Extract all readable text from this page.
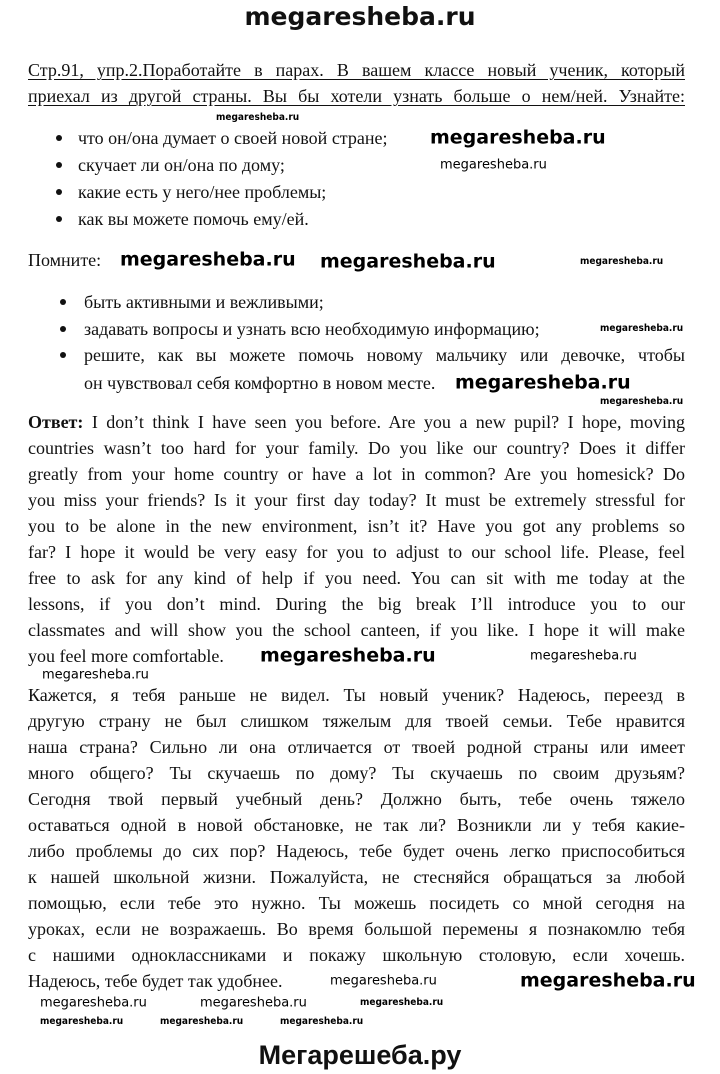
megaresheba.ru
Стр.91, упр.2.Поработайте в парах. В вашем классе новый ученик, который
приехал из другой страны. Вы бы хотели узнать больше о нем/ней. Узнайте:
что он/она думает о своей новой стране;
скучает ли он/она по дому;
какие есть у него/нее проблемы;
как вы можете помочь ему/ей.
Помните:
быть активными и вежливыми;
задавать вопросы и узнать всю необходимую информацию;
решите, как вы можете помочь новому мальчику или девочке, чтобы
он чувствовал себя комфортно в новом месте.
Ответ: I don’t think I have seen you before. Are you a new pupil? I hope, moving
countries wasn’t too hard for your family. Do you like our country? Does it differ
greatly from your home country or have a lot in common? Are you homesick? Do
you miss your friends? Is it your first day today? It must be extremely stressful for
you to be alone in the new environment, isn’t it? Have you got any problems so
far? I hope it would be very easy for you to adjust to our school life. Please, feel
free to ask for any kind of help if you need. You can sit with me today at the
lessons, if you don’t mind. During the big break I’ll introduce you to our
classmates and will show you the school canteen, if you like. I hope it will make
you feel more comfortable.
Кажется, я тебя раньше не видел. Ты новый ученик? Надеюсь, переезд в
другую страну не был слишком тяжелым для твоей семьи. Тебе нравится
наша страна? Сильно ли она отличается от твоей родной страны или имеет
много общего? Ты скучаешь по дому? Ты скучаешь по своим друзьям?
Сегодня твой первый учебный день? Должно быть, тебе очень тяжело
оставаться одной в новой обстановке, не так ли? Возникли ли у тебя какие-
либо проблемы до сих пор? Надеюсь, тебе будет очень легко приспособиться
к нашей школьной жизни. Пожалуйста, не стесняйся обращаться за любой
помощью, если тебе это нужно. Ты можешь посидеть со мной сегодня на
уроках, если не возражаешь. Во время большой перемены я познакомлю тебя
с нашими одноклассниками и покажу школьную столовую, если хочешь.
Надеюсь, тебе будет так удобнее.
megaresheba.ru
megaresheba.ru
megaresheba.ru
megaresheba.ru megaresheba.ru	megaresheba.ru
megaresheba.ru
megaresheba.ru
megaresheba.ru
megaresheba.ru	megaresheba.ru
megaresheba.ru
megaresheba.ru	megaresheba.ru
megaresheba.ru	megaresheba.ru	megaresheba.ru
megaresheba.ru	megaresheba.ru	megaresheba.ru
Мегарешеба.ру
